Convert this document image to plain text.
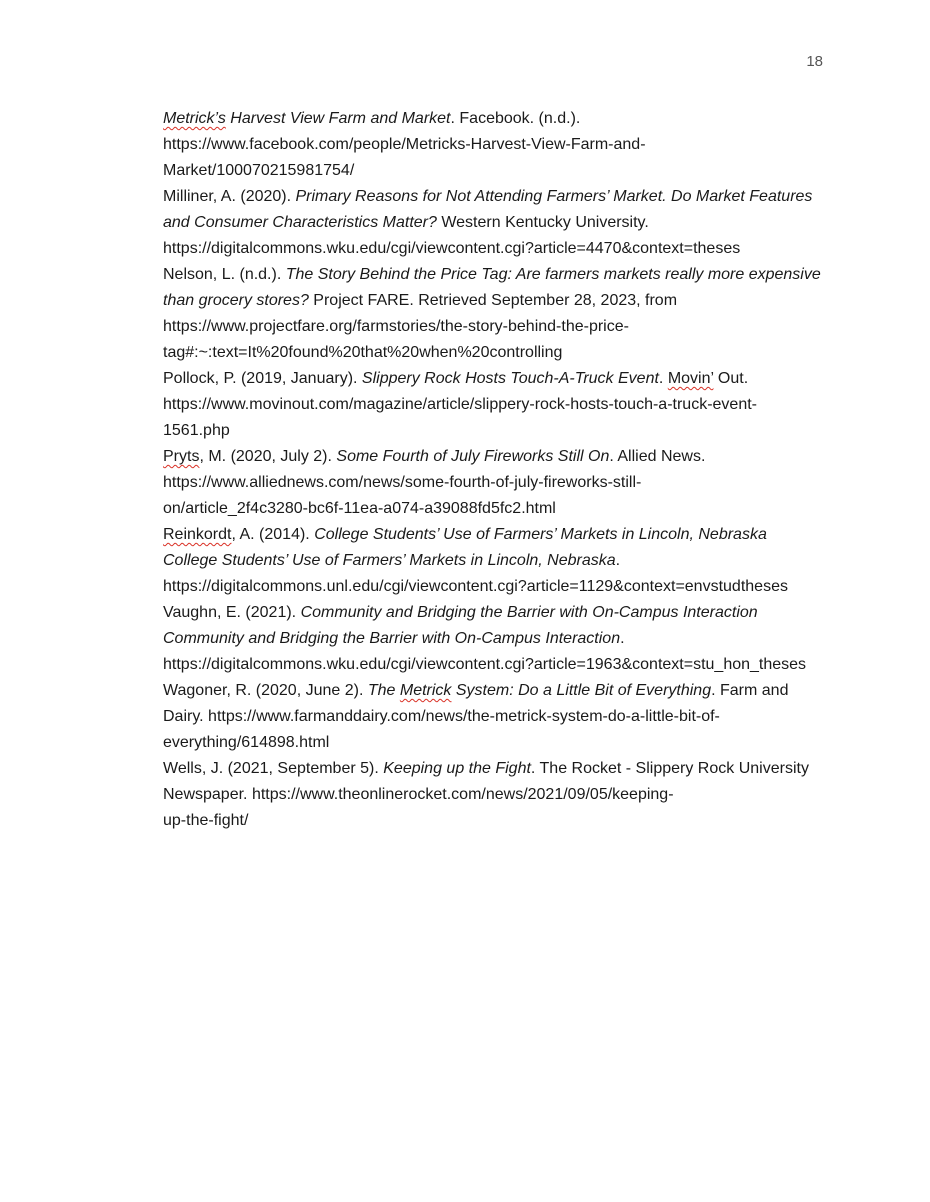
18

Metrick’s Harvest View Farm and Market. Facebook. (n.d.).
https://www.facebook.com/people/Metricks-Harvest-View-Farm-and-
Market/100070215981754/

Milliner, A. (2020). Primary Reasons for Not Attending Farmers’ Market. Do Market Features and Consumer Characteristics Matter? Western Kentucky University.
https://digitalcommons.wku.edu/cgi/viewcontent.cgi?article=4470&context=theses

Nelson, L. (n.d.). The Story Behind the Price Tag: Are farmers markets really more expensive than grocery stores? Project FARE. Retrieved September 28, 2023, from
https://www.projectfare.org/farmstories/the-story-behind-the-price-
tag#:~:text=It%20found%20that%20when%20controlling

Pollock, P. (2019, January). Slippery Rock Hosts Touch-A-Truck Event. Movin’ Out.
https://www.movinout.com/magazine/article/slippery-rock-hosts-touch-a-truck-event-
1561.php

Pryts, M. (2020, July 2). Some Fourth of July Fireworks Still On. Allied News.
https://www.alliednews.com/news/some-fourth-of-july-fireworks-still-
on/article_2f4c3280-bc6f-11ea-a074-a39088fd5fc2.html

Reinkordt, A. (2014). College Students’ Use of Farmers’ Markets in Lincoln, Nebraska College Students’ Use of Farmers’ Markets in Lincoln, Nebraska.
https://digitalcommons.unl.edu/cgi/viewcontent.cgi?article=1129&context=envstudtheses

Vaughn, E. (2021). Community and Bridging the Barrier with On-Campus Interaction Community and Bridging the Barrier with On-Campus Interaction.
https://digitalcommons.wku.edu/cgi/viewcontent.cgi?article=1963&context=stu_hon_theses

Wagoner, R. (2020, June 2). The Metrick System: Do a Little Bit of Everything. Farm and Dairy. https://www.farmanddairy.com/news/the-metrick-system-do-a-little-bit-of-
everything/614898.html

Wells, J. (2021, September 5). Keeping up the Fight. The Rocket - Slippery Rock University Newspaper. https://www.theonlinerocket.com/news/2021/09/05/keeping-
up-the-fight/
